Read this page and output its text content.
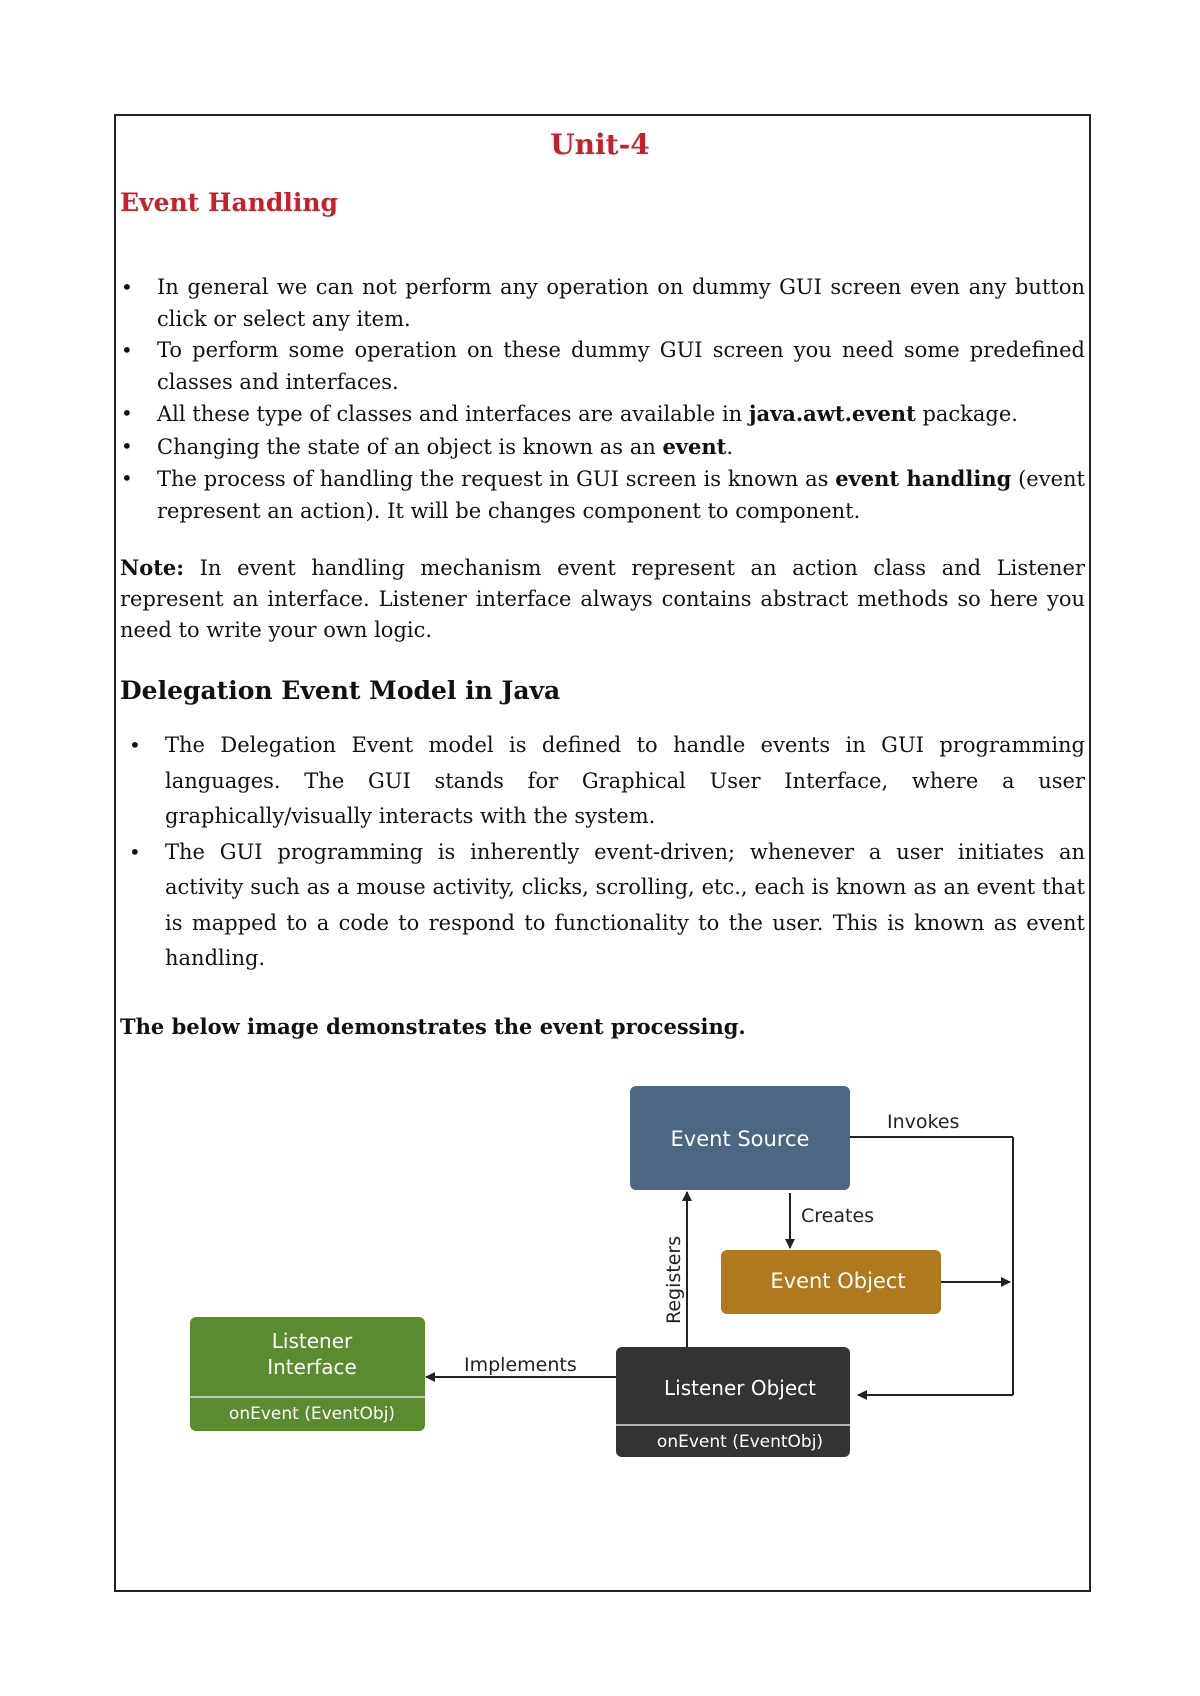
Unit-4
Event Handling
• In general we can not perform any operation on dummy GUI screen even any button click or select any item.
• To perform some operation on these dummy GUI screen you need some predefined classes and interfaces.
• All these type of classes and interfaces are available in java.awt.event package.
• Changing the state of an object is known as an event.
• The process of handling the request in GUI screen is known as event handling (event represent an action). It will be changes component to component.
Note: In event handling mechanism event represent an action class and Listener represent an interface. Listener interface always contains abstract methods so here you need to write your own logic.
Delegation Event Model in Java
• The Delegation Event model is defined to handle events in GUI programming languages. The GUI stands for Graphical User Interface, where a user graphically/visually interacts with the system.
• The GUI programming is inherently event-driven; whenever a user initiates an activity such as a mouse activity, clicks, scrolling, etc., each is known as an event that is mapped to a code to respond to functionality to the user. This is known as event handling.
The below image demonstrates the event processing.
Event Source
Event Object
Listener
Interface
onEvent (EventObj)
Listener Object
onEvent (EventObj)
Invokes
Creates
Implements
Registers
